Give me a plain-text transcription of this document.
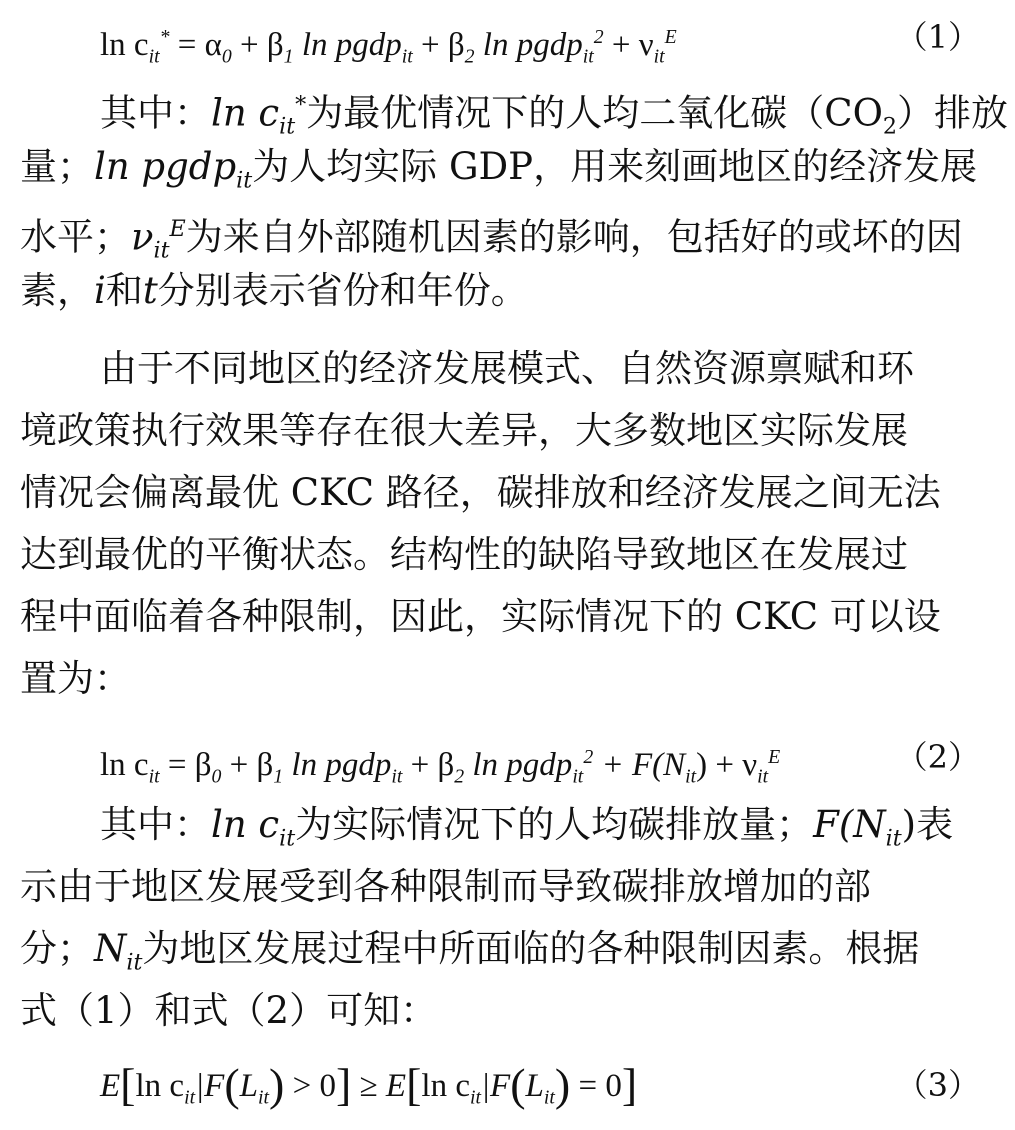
$\ln c_{it}^* = \alpha_0 + \beta_1$ ln pgdp$_{it}$ + $\beta_2$ ln pgdp$_{it}^2$ + $\nu_{it}^E$	（1）
其中：$\ln c_{it}^*$为最优情况下的人均二氧化碳$(CO_2)$排放
量；ln pgdp$_{it}$为人均实际 GDP，用来刻画地区的经济发展
水平；$\nu_{it}^E$为来自外部随机因素的影响，包括好的或坏的因
素，i和t分别表示省份和年份。
由于不同地区的经济发展模式、自然资源禀赋和环
境政策执行效果等存在很大差异，大多数地区实际发展
情况会偏离最优 CKC 路径，碳排放和经济发展之间无法
达到最优的平衡状态。结构性的缺陷导致地区在发展过
程中面临着各种限制，因此，实际情况下的 CKC 可以设
置为：
$\ln c_{it} = \beta_0 + \beta_1$ ln pgdp$_{it}$ + $\beta_2$ ln pgdp$_{it}^2$ + $F(N_{it}) + \nu_{it}^E$	（2）
其中：$\ln c_{it}$为实际情况下的人均碳排放量；$F(N_{it})$表
示由于地区发展受到各种限制而导致碳排放增加的部
分；$N_{it}$为地区发展过程中所面临的各种限制因素。根据
式（1）和式（2）可知：
E[ln $c_{it}|F(L_{it}) > 0] \ge E[\ln$ $c_{it}|F(L_{it}) = 0$]	（3）
